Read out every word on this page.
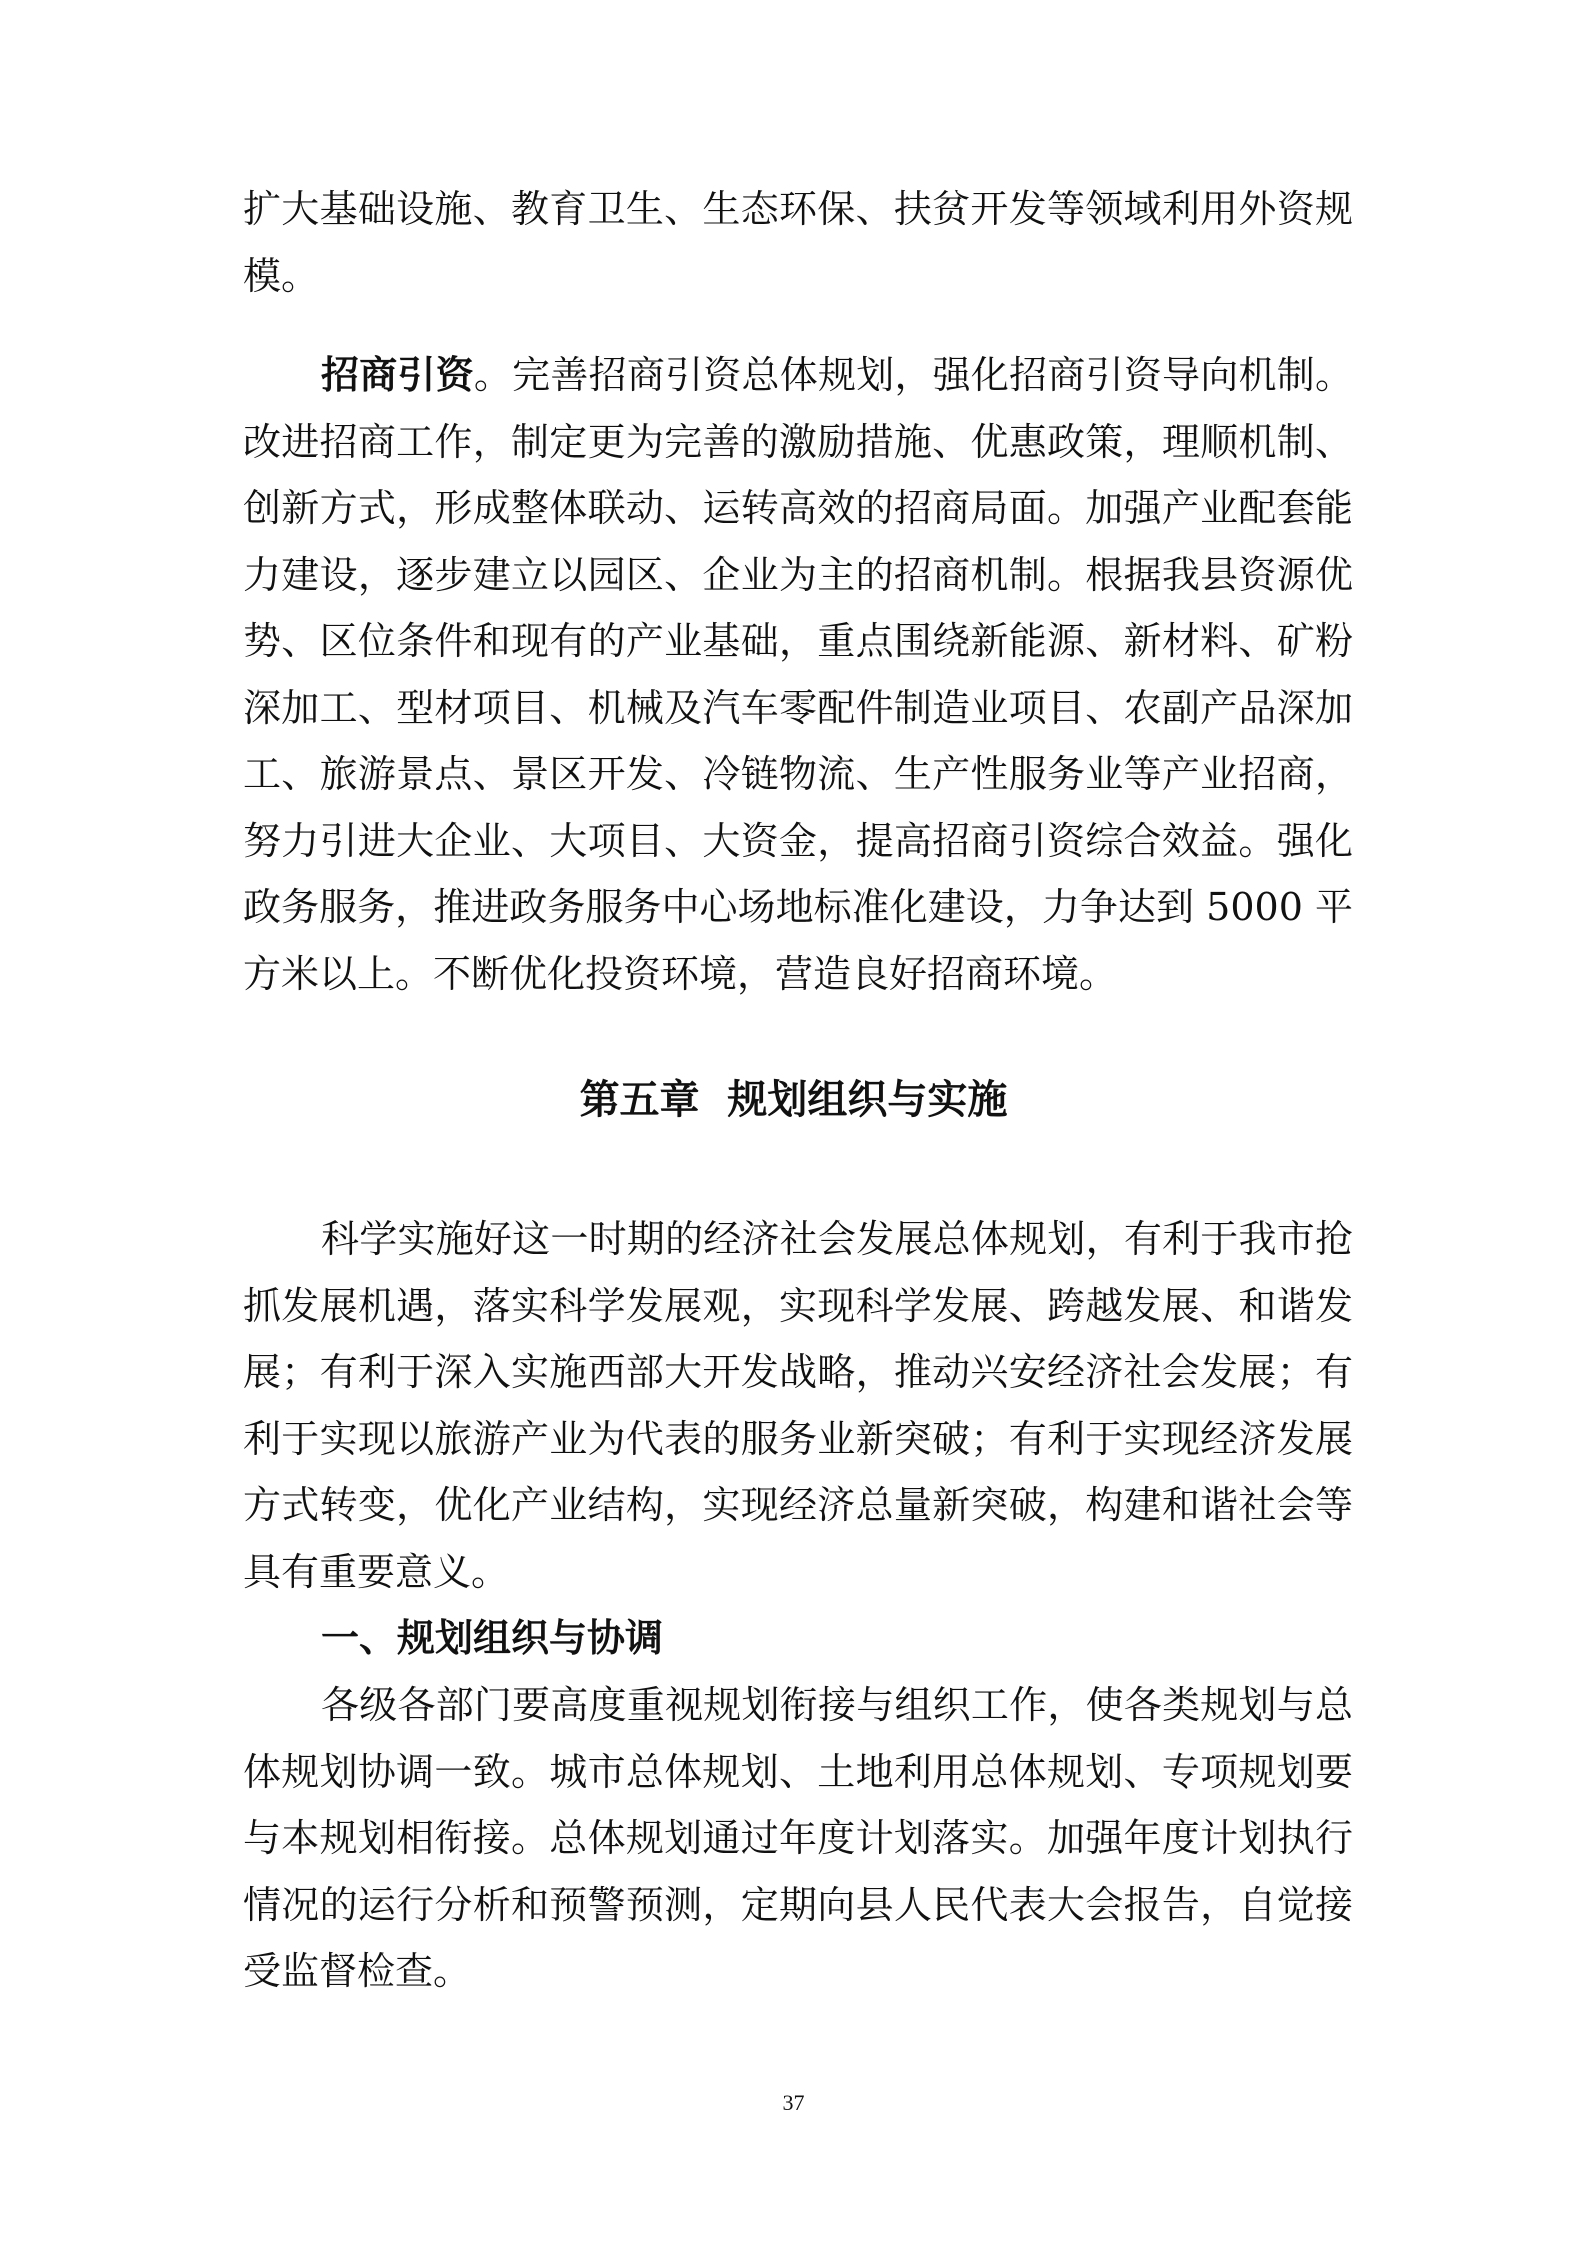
扩大基础设施、教育卫生、生态环保、扶贫开发等领域利用外资规模。

招商引资。完善招商引资总体规划，强化招商引资导向机制。改进招商工作，制定更为完善的激励措施、优惠政策，理顺机制、创新方式，形成整体联动、运转高效的招商局面。加强产业配套能力建设，逐步建立以园区、企业为主的招商机制。根据我县资源优势、区位条件和现有的产业基础，重点围绕新能源、新材料、矿粉深加工、型材项目、机械及汽车零配件制造业项目、农副产品深加工、旅游景点、景区开发、冷链物流、生产性服务业等产业招商，努力引进大企业、大项目、大资金，提高招商引资综合效益。强化政务服务，推进政务服务中心场地标准化建设，力争达到 5000 平方米以上。不断优化投资环境，营造良好招商环境。

第五章  规划组织与实施

科学实施好这一时期的经济社会发展总体规划，有利于我市抢抓发展机遇，落实科学发展观，实现科学发展、跨越发展、和谐发展；有利于深入实施西部大开发战略，推动兴安经济社会发展；有利于实现以旅游产业为代表的服务业新突破；有利于实现经济发展方式转变，优化产业结构，实现经济总量新突破，构建和谐社会等具有重要意义。

一、规划组织与协调

各级各部门要高度重视规划衔接与组织工作，使各类规划与总体规划协调一致。城市总体规划、土地利用总体规划、专项规划要与本规划相衔接。总体规划通过年度计划落实。加强年度计划执行情况的运行分析和预警预测，定期向县人民代表大会报告，自觉接受监督检查。

37
